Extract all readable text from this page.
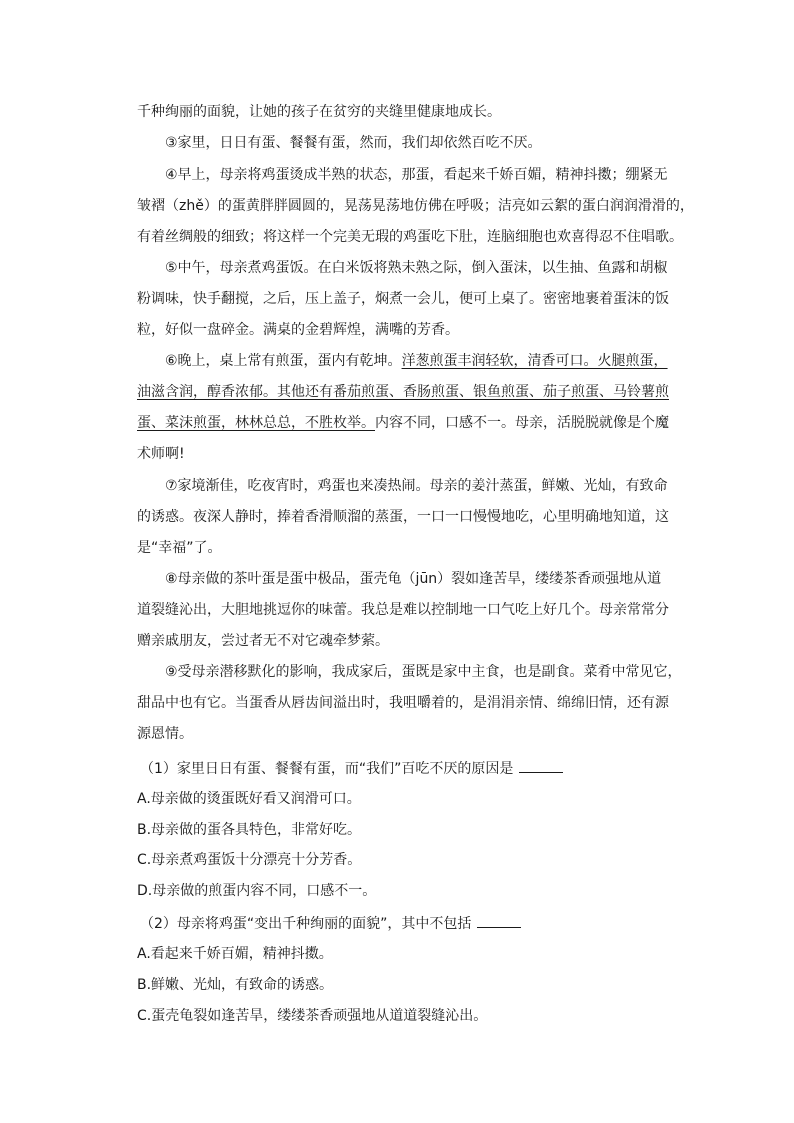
千种绚丽的面貌，让她的孩子在贫穷的夹缝里健康地成长。
③家里，日日有蛋、餐餐有蛋，然而，我们却依然百吃不厌。
④早上，母亲将鸡蛋烫成半熟的状态，那蛋，看起来千娇百媚，精神抖擞；绷紧无
皱褶（zhě）的蛋黄胖胖圆圆的，晃荡晃荡地仿佛在呼吸；洁亮如云絮的蛋白润润滑滑的，
有着丝绸般的细致；将这样一个完美无瑕的鸡蛋吃下肚，连脑细胞也欢喜得忍不住唱歌。
⑤中午，母亲煮鸡蛋饭。在白米饭将熟未熟之际，倒入蛋沫，以生抽、鱼露和胡椒
粉调味，快手翻搅，之后，压上盖子，焖煮一会儿，便可上桌了。密密地裹着蛋沫的饭
粒，好似一盘碎金。满桌的金碧辉煌，满嘴的芳香。
⑥晚上，桌上常有煎蛋，蛋内有乾坤。洋葱煎蛋丰润轻软，清香可口。火腿煎蛋，
油滋含润，醇香浓郁。其他还有番茄煎蛋、香肠煎蛋、银鱼煎蛋、茄子煎蛋、马铃薯煎
蛋、菜沫煎蛋，林林总总，不胜枚举。内容不同，口感不一。母亲，活脱脱就像是个魔
术师啊!
⑦家境渐佳，吃夜宵时，鸡蛋也来凑热闹。母亲的姜汁蒸蛋，鲜嫩、光灿，有致命
的诱惑。夜深人静时，捧着香滑顺溜的蒸蛋，一口一口慢慢地吃，心里明确地知道，这
是“幸福”了。
⑧母亲做的茶叶蛋是蛋中极品，蛋壳龟（jūn）裂如逢苦旱，缕缕茶香顽强地从道
道裂缝沁出，大胆地挑逗你的味蕾。我总是难以控制地一口气吃上好几个。母亲常常分
赠亲戚朋友，尝过者无不对它魂牵梦萦。
⑨受母亲潜移默化的影响，我成家后，蛋既是家中主食，也是副食。菜肴中常见它，
甜品中也有它。当蛋香从唇齿间溢出时，我咀嚼着的，是涓涓亲情、绵绵旧情，还有源
源恩情。
（1）家里日日有蛋、餐餐有蛋，而“我们”百吃不厌的原因是
A.母亲做的烫蛋既好看又润滑可口。
B.母亲做的蛋各具特色，非常好吃。
C.母亲煮鸡蛋饭十分漂亮十分芳香。
D.母亲做的煎蛋内容不同，口感不一。
（2）母亲将鸡蛋“变出千种绚丽的面貌”，其中不包括
A.看起来千娇百媚，精神抖擞。
B.鲜嫩、光灿，有致命的诱惑。
C.蛋壳龟裂如逢苦旱，缕缕茶香顽强地从道道裂缝沁出。
